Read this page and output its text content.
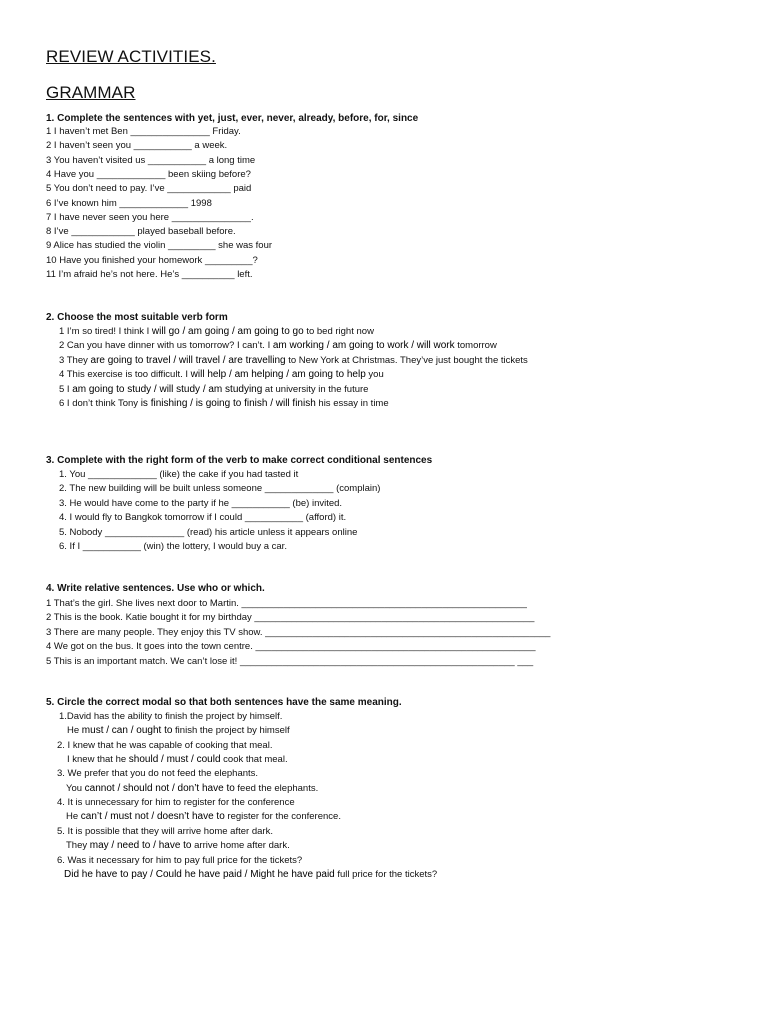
REVIEW ACTIVITIES.
GRAMMAR
1. Complete the sentences with yet, just, ever, never, already, before, for, since
1 I haven’t met Ben _______________ Friday.
2 I haven’t seen you ___________ a week.
3 You haven’t visited us ___________ a long time
4 Have you _____________ been skiing before?
5 You don’t need to pay. I’ve ____________ paid
6 I’ve known him _____________ 1998
7 I have never seen you here _______________.
8 I’ve ____________ played baseball before.
9 Alice has studied the violin _________ she was four
10 Have you finished your homework _________?
11 I’m afraid he’s not here. He’s __________ left.
2. Choose the most suitable verb form
1 I’m so tired! I think I will go / am going / am going to go to bed right now
2 Can you have dinner with us tomorrow? I can’t. I am working / am going to work / will work tomorrow
3 They are going to travel / will travel / are travelling to New York at Christmas. They’ve just bought the tickets
4 This exercise is too difficult. I will help / am helping / am going to help you
5 I am going to study / will study / am studying at university in the future
6 I don’t think Tony is finishing / is going to finish / will finish his essay in time
3. Complete with the right form of the verb to make correct conditional sentences
1. You _____________ (like) the cake if you had tasted it
2. The new building will be built unless someone _____________ (complain)
3. He would have come to the party if he ___________ (be) invited.
4. I would fly to Bangkok tomorrow if I could ___________ (afford) it.
5. Nobody _______________ (read) his article unless it appears online
6. If I ___________ (win) the lottery, I would buy a car.
4. Write relative sentences. Use who or which.
1 That’s the girl. She lives next door to Martin. ______________________________________________________
2 This is the book. Katie bought it for my birthday _____________________________________________________
3 There are many people. They enjoy this TV show. ______________________________________________________
4 We got on the bus. It goes into the town centre. _____________________________________________________
5 This is an important match. We can’t lose it! ____________________________________________________ ___
5. Circle the correct modal so that both sentences have the same meaning.
1.David has the ability to finish the project by himself.
He must / can / ought to finish the project by himself
2. I knew that he was capable of cooking that meal.
I knew that he should / must / could cook that meal.
3. We prefer that you do not feed the elephants.
You cannot / should not / don’t have to feed the elephants.
4. It is unnecessary for him to register for the conference
He can’t / must not / doesn’t have to register for the conference.
5. It is possible that they will arrive home after dark.
They may / need to / have to arrive home after dark.
6. Was it necessary for him to pay full price for the tickets?
Did he have to pay / Could he have paid / Might he have paid full price for the tickets?
